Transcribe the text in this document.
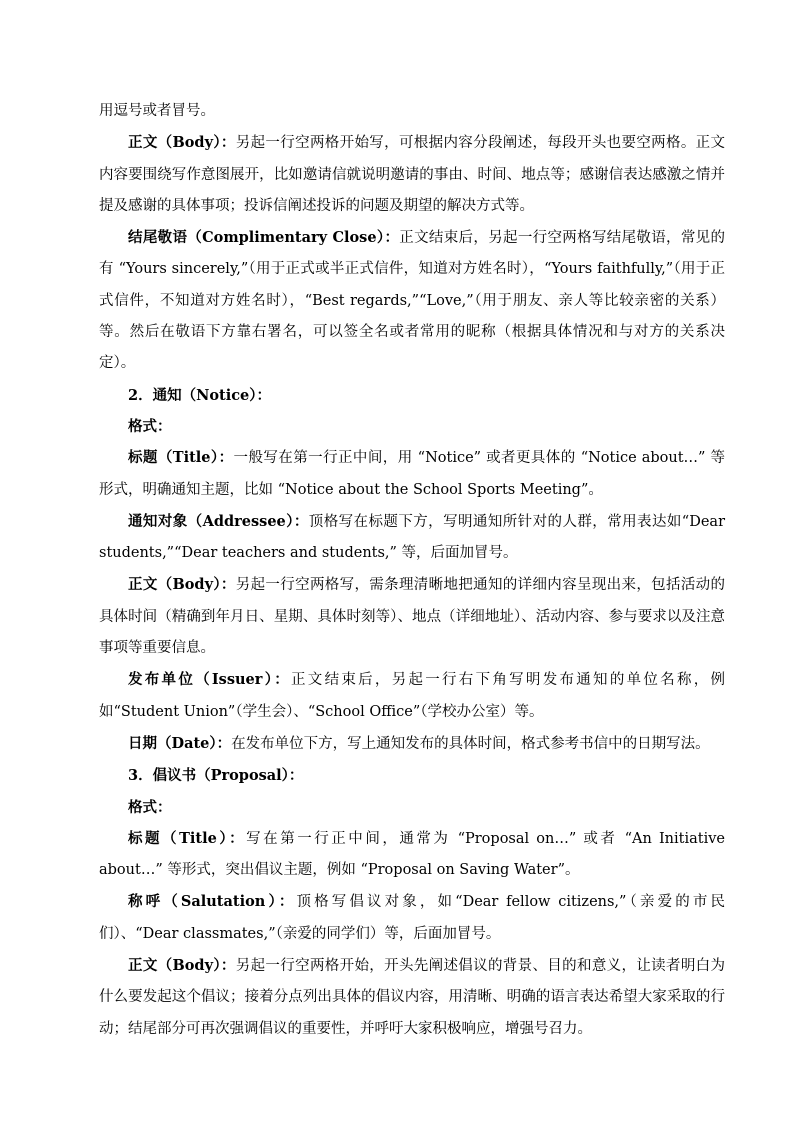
用逗号或者冒号。

正文（Body）：另起一行空两格开始写，可根据内容分段阐述，每段开头也要空两格。正文内容要围绕写作意图展开，比如邀请信就说明邀请的事由、时间、地点等；感谢信表达感激之情并提及感谢的具体事项；投诉信阐述投诉的问题及期望的解决方式等。

结尾敬语（Complimentary Close）：正文结束后，另起一行空两格写结尾敬语，常见的有 “Yours sincerely,”（用于正式或半正式信件，知道对方姓名时），“Yours faithfully,”（用于正式信件，不知道对方姓名时），“Best regards,”“Love,”（用于朋友、亲人等比较亲密的关系）等。然后在敬语下方靠右署名，可以签全名或者常用的昵称（根据具体情况和与对方的关系决定）。

2．通知（Notice）：

格式：

标题（Title）：一般写在第一行正中间，用 “Notice” 或者更具体的 “Notice about…” 等形式，明确通知主题，比如 “Notice about the School Sports Meeting”。

通知对象（Addressee）：顶格写在标题下方，写明通知所针对的人群，常用表达如“Dear students,”“Dear teachers and students,” 等，后面加冒号。

正文（Body）：另起一行空两格写，需条理清晰地把通知的详细内容呈现出来，包括活动的具体时间（精确到年月日、星期、具体时刻等）、地点（详细地址）、活动内容、参与要求以及注意事项等重要信息。

发布单位（Issuer）：正文结束后，另起一行右下角写明发布通知的单位名称，例如“Student Union”（学生会）、“School Office”（学校办公室）等。

日期（Date）：在发布单位下方，写上通知发布的具体时间，格式参考书信中的日期写法。

3．倡议书（Proposal）：

格式：

标题（Title）：写在第一行正中间，通常为 “Proposal on…” 或者 “An Initiative about…” 等形式，突出倡议主题，例如 “Proposal on Saving Water”。

称呼（Salutation）：顶格写倡议对象，如“Dear fellow citizens,”（亲爱的市民们）、“Dear classmates,”（亲爱的同学们）等，后面加冒号。

正文（Body）：另起一行空两格开始，开头先阐述倡议的背景、目的和意义，让读者明白为什么要发起这个倡议；接着分点列出具体的倡议内容，用清晰、明确的语言表达希望大家采取的行动；结尾部分可再次强调倡议的重要性，并呼吁大家积极响应，增强号召力。
